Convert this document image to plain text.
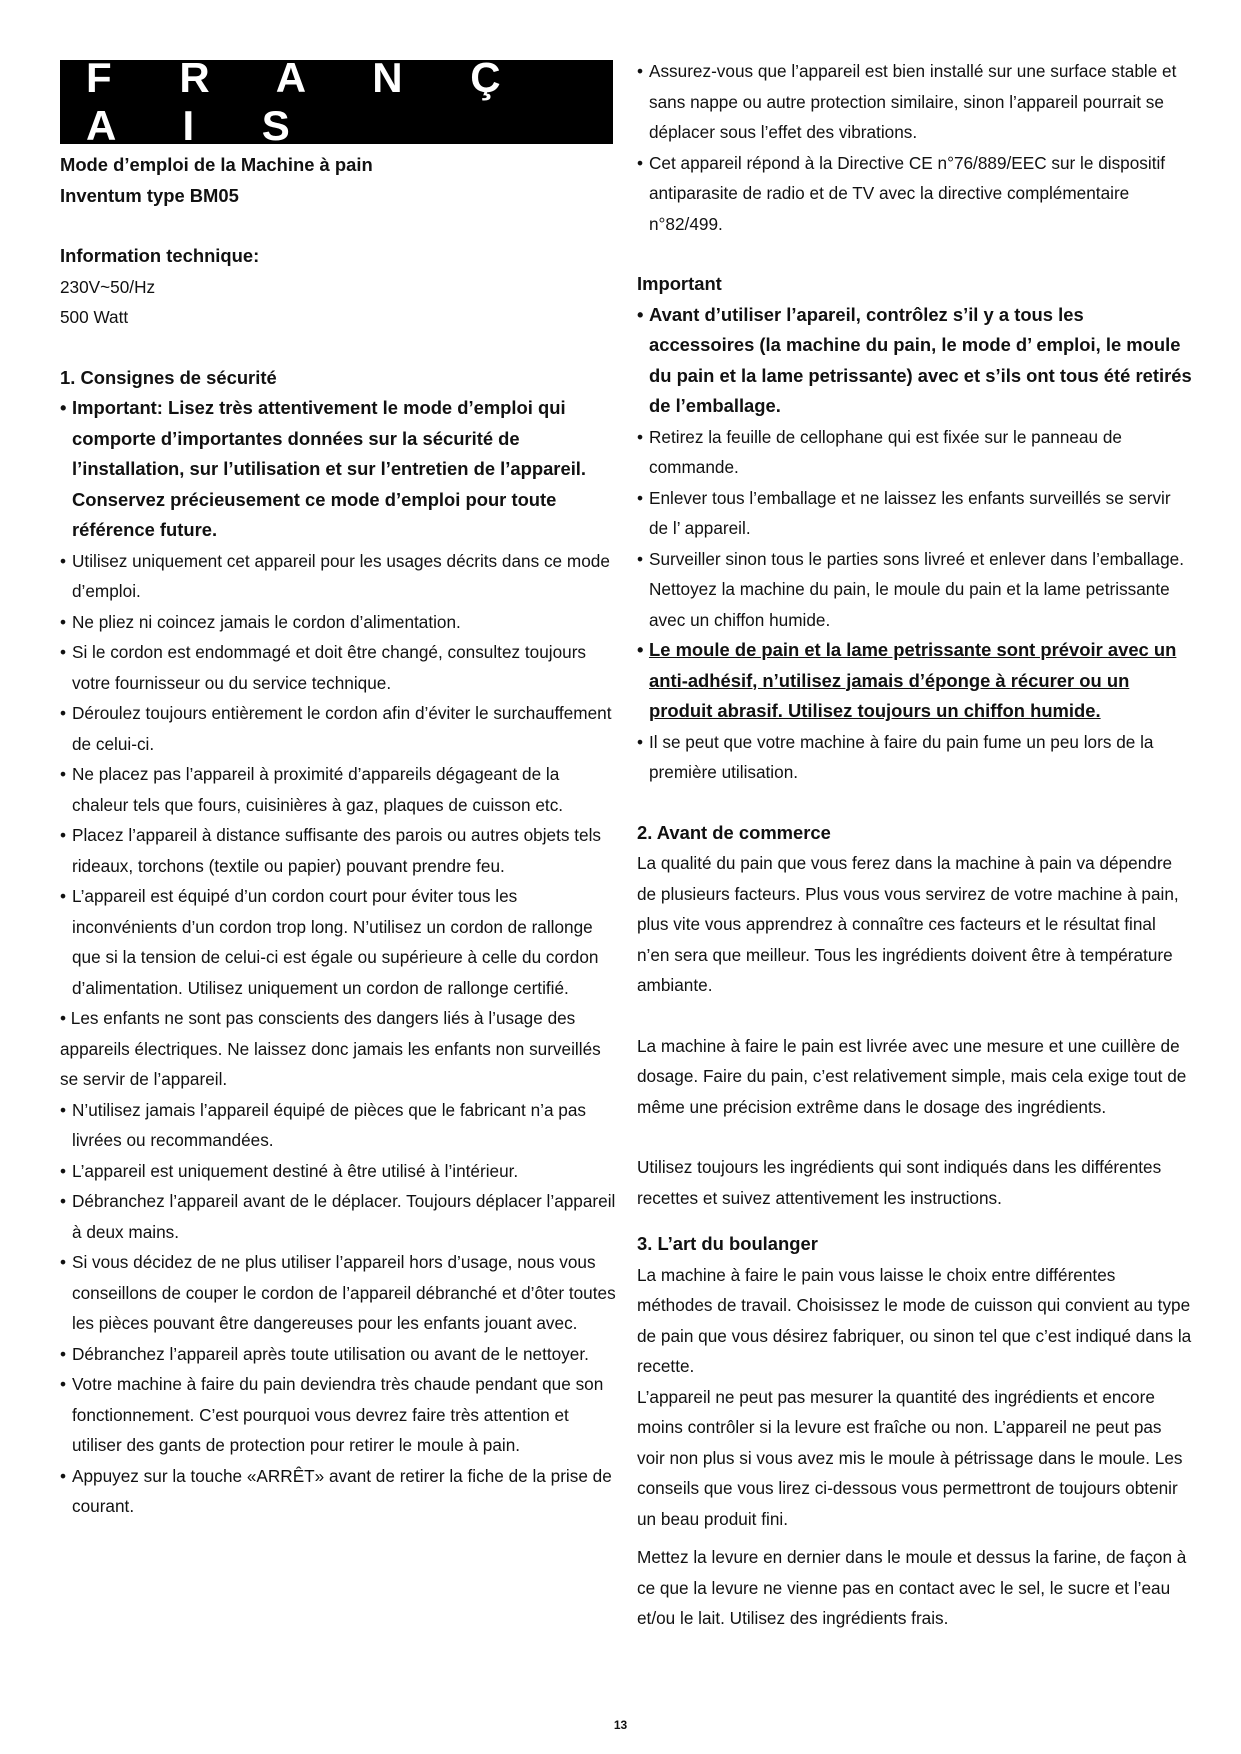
F R A N Ç A I S

Mode d’emploi de la Machine à pain

Inventum type BM05

Information technique:

230V~50/Hz

500 Watt

1. Consignes de sécurité

• Important: Lisez très attentivement le mode d’emploi qui comporte d’importantes données sur la sécurité de l’installation, sur l’utilisation et sur l’entretien de l’appareil. Conservez précieusement ce mode d’emploi pour toute référence future.

• Utilisez uniquement cet appareil pour les usages décrits dans ce mode d’emploi.

• Ne pliez ni coincez jamais le cordon d’alimentation.

• Si le cordon est endommagé et doit être changé, consultez toujours votre fournisseur ou du service technique.

• Déroulez toujours entièrement le cordon afin d’éviter le surchauffement de celui-ci.

• Ne placez pas l’appareil à proximité d’appareils dégageant de la chaleur tels que fours, cuisinières à gaz, plaques de cuisson etc.

• Placez l’appareil à distance suffisante des parois ou autres objets tels rideaux, torchons (textile ou papier) pouvant prendre feu.

• L’appareil est équipé d’un cordon court pour éviter tous les inconvénients d’un cordon trop long. N’utilisez un cordon de rallonge que si la tension de celui-ci est égale ou supérieure à celle du cordon d’alimentation. Utilisez uniquement un cordon de rallonge certifié.

• Les enfants ne sont pas conscients des dangers liés à l’usage des appareils électriques. Ne laissez donc jamais les enfants non surveillés se servir de l’appareil.

• N’utilisez jamais l’appareil équipé de pièces que le fabricant n’a pas livrées ou recommandées.

• L’appareil est uniquement destiné à être utilisé à l’intérieur.

• Débranchez l’appareil avant de le déplacer. Toujours déplacer l’appareil à deux mains.

• Si vous décidez de ne plus utiliser l’appareil hors d’usage, nous vous conseillons de couper le cordon de l’appareil débranché et d’ôter toutes les pièces pouvant être dangereuses pour les enfants jouant avec.

• Débranchez l’appareil après toute utilisation ou avant de le nettoyer.

• Votre machine à faire du pain deviendra très chaude pendant que son fonctionnement. C’est pourquoi vous devrez faire très attention et utiliser des gants de protection pour retirer le moule à pain.

• Appuyez sur la touche «ARRÊT» avant de retirer la fiche de la prise de courant.

• Assurez-vous que l’appareil est bien installé sur une surface stable et sans nappe ou autre protection similaire, sinon l’appareil pourrait se déplacer sous l’effet des vibrations.

• Cet appareil répond à la Directive CE n°76/889/EEC sur le dispositif antiparasite de radio et de TV avec la directive complémentaire n°82/499.

Important

• Avant d’utiliser l’apareil, contrôlez s’il y a tous les accessoires (la machine du pain, le mode d’ emploi, le moule du pain et la lame petrissante) avec et s’ils ont tous été retirés de l’emballage.

• Retirez la feuille de cellophane qui est fixée sur le panneau de commande.

• Enlever tous l’emballage et ne laissez les enfants surveillés se servir de l’ appareil.

• Surveiller sinon tous le parties sons livreé et enlever dans l’emballage. Nettoyez la machine du pain, le moule du pain et la lame petrissante avec un chiffon humide.

• Le moule de pain et la lame petrissante sont prévoir avec un anti-adhésif, n’utilisez jamais d’éponge à récurer ou un produit abrasif. Utilisez toujours un chiffon humide.

• Il se peut que votre machine à faire du pain fume un peu lors de la première utilisation.

2. Avant de commerce

La qualité du pain que vous ferez dans la machine à pain va dépendre de plusieurs facteurs. Plus vous vous servirez de votre machine à pain, plus vite vous apprendrez à connaître ces facteurs et le résultat final n’en sera que meilleur. Tous les ingrédients doivent être à température ambiante.

La machine à faire le pain est livrée avec une mesure et une cuillère de dosage. Faire du pain, c’est relativement simple, mais cela exige tout de même une précision extrême dans le dosage des ingrédients.

Utilisez toujours les ingrédients qui sont indiqués dans les différentes recettes et suivez attentivement les instructions.

3. L’art du boulanger

La machine à faire le pain vous laisse le choix entre différentes méthodes de travail. Choisissez le mode de cuisson qui convient au type de pain que vous désirez fabriquer, ou sinon tel que c’est indiqué dans la recette.

L’appareil ne peut pas mesurer la quantité des ingrédients et encore moins contrôler si la levure est fraîche ou non. L’appareil ne peut pas voir non plus si vous avez mis le moule à pétrissage dans le moule. Les conseils que vous lirez ci-dessous vous permettront de toujours obtenir un beau produit fini.

Mettez la levure en dernier dans le moule et dessus la farine, de façon à ce que la levure ne vienne pas en contact avec le sel, le sucre et l’eau et/ou le lait. Utilisez des ingrédients frais.

13
